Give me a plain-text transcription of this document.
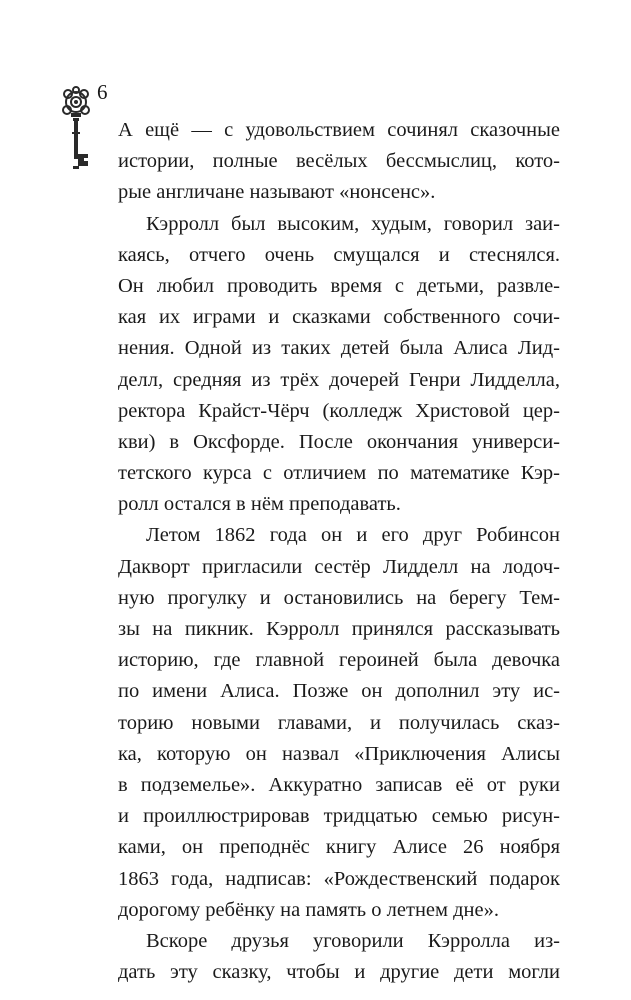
6
А ещё — с удовольствием сочинял сказочные
истории, полные весёлых бессмыслиц, кото-
рые англичане называют «нонсенс».
Кэрролл был высоким, худым, говорил заи-
каясь, отчего очень смущался и стеснялся.
Он любил проводить время с детьми, развле-
кая их играми и сказками собственного сочи-
нения. Одной из таких детей была Алиса Лид-
делл, средняя из трёх дочерей Генри Лидделла,
ректора Крайст-Чёрч (колледж Христовой цер-
кви) в Оксфорде. После окончания универси-
тетского курса с отличием по математике Кэр-
ролл остался в нём преподавать.
Летом 1862 года он и его друг Робинсон
Дакворт пригласили сестёр Лидделл на лодоч-
ную прогулку и остановились на берегу Тем-
зы на пикник. Кэрролл принялся рассказывать
историю, где главной героиней была девочка
по имени Алиса. Позже он дополнил эту ис-
торию новыми главами, и получилась сказ-
ка, которую он назвал «Приключения Алисы
в подземелье». Аккуратно записав её от руки
и проиллюстрировав тридцатью семью рисун-
ками, он преподнёс книгу Алисе 26 ноября
1863 года, надписав: «Рождественский подарок
дорогому ребёнку на память о летнем дне».
Вскоре друзья уговорили Кэрролла из-
дать эту сказку, чтобы и другие дети могли
